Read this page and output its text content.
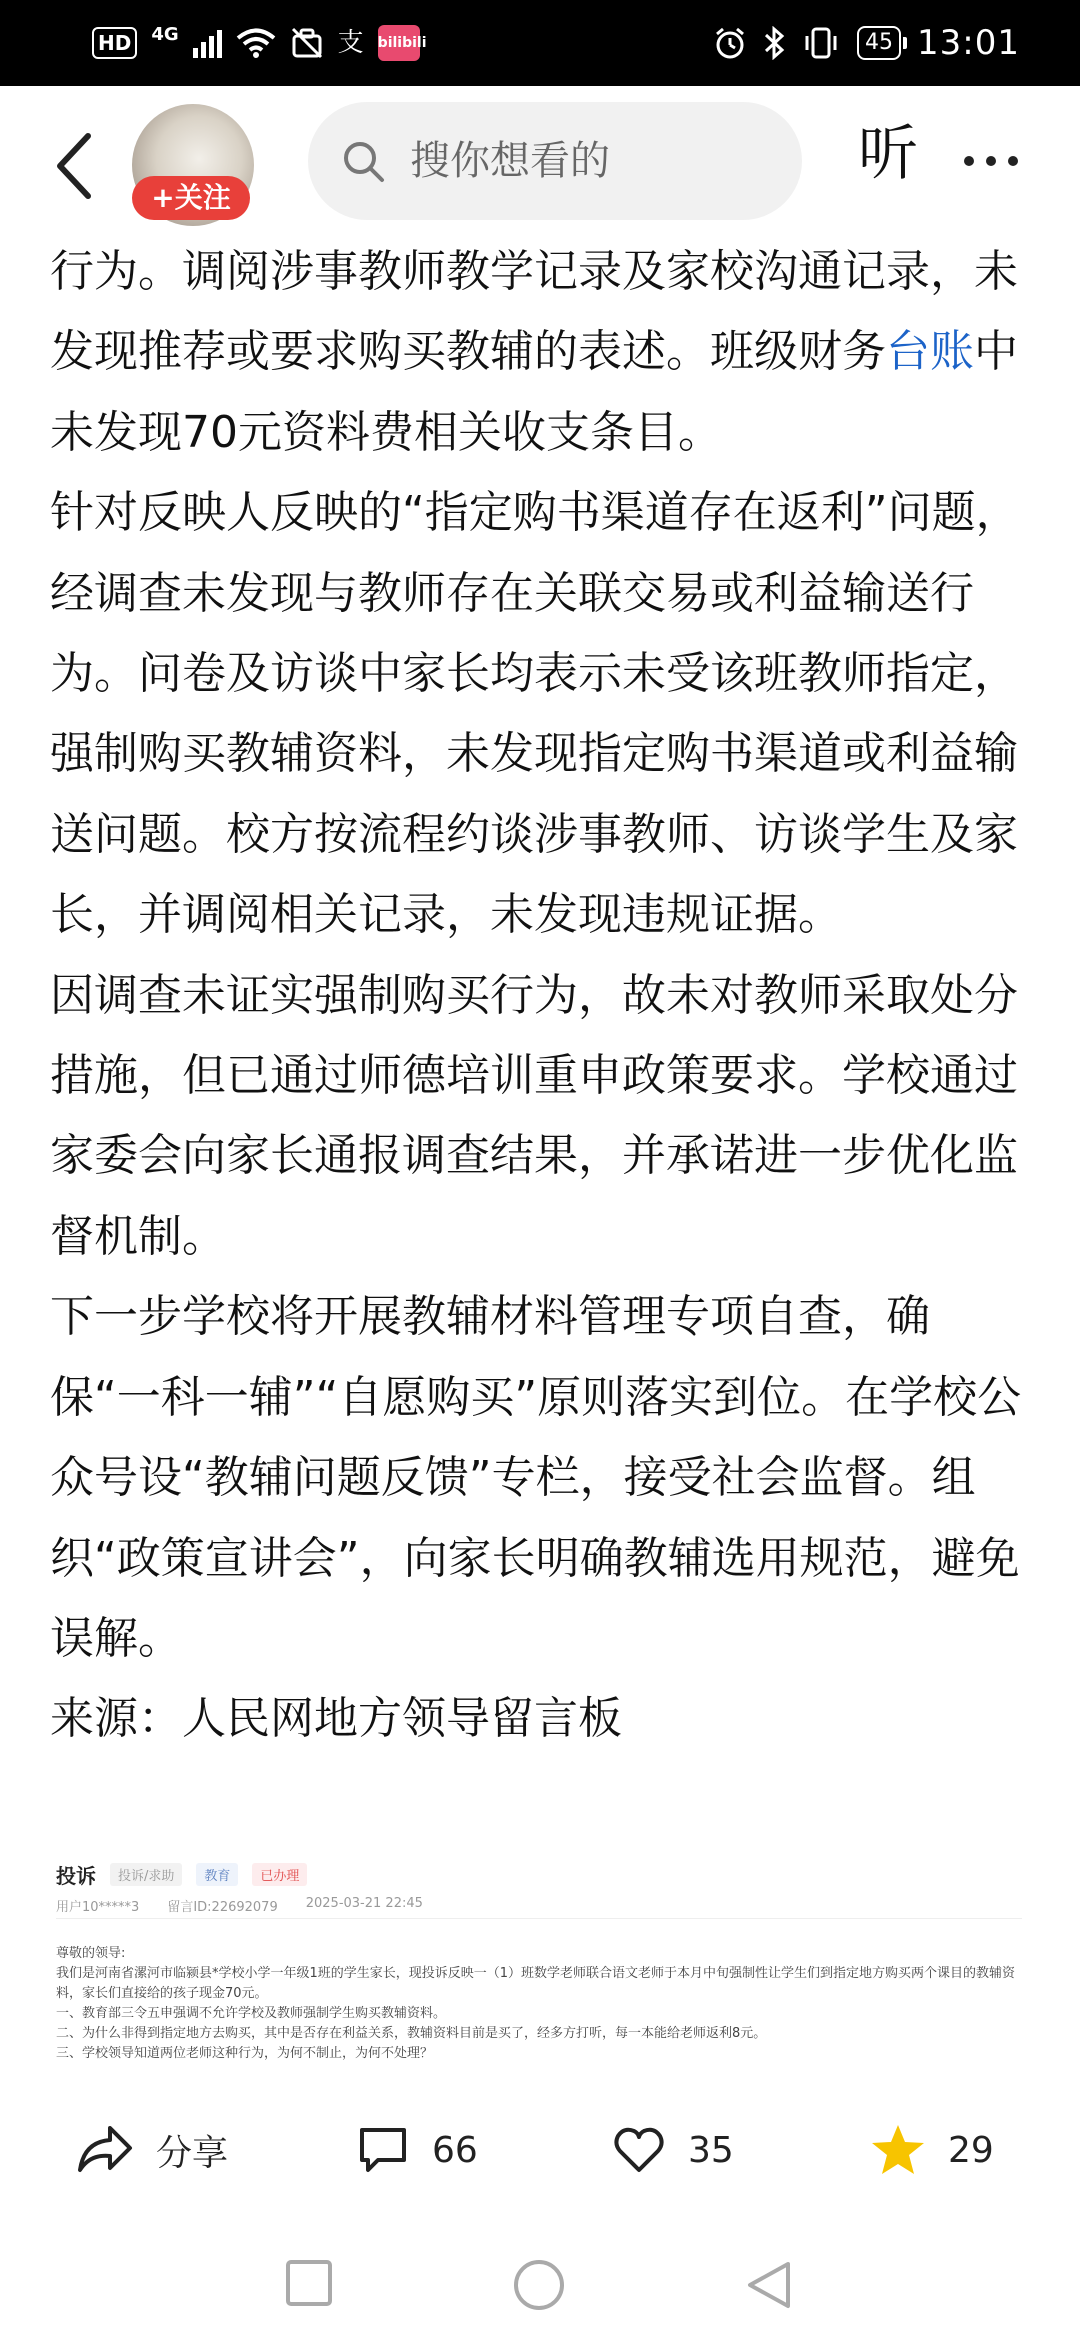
HD	4G	支 bilibili	45 13:01
+关注
搜你想看的	听

行为。调阅涉事教师教学记录及家校沟通记录，未发现推荐或要求购买教辅的表述。班级财务台账中未发现70元资料费相关收支条目。

针对反映人反映的“指定购书渠道存在返利”问题，经调查未发现与教师存在关联交易或利益输送行为。问卷及访谈中家长均表示未受该班教师指定，强制购买教辅资料，未发现指定购书渠道或利益输送问题。校方按流程约谈涉事教师、访谈学生及家长，并调阅相关记录，未发现违规证据。

因调查未证实强制购买行为，故未对教师采取处分措施，但已通过师德培训重申政策要求。学校通过家委会向家长通报调查结果，并承诺进一步优化监督机制。

下一步学校将开展教辅材料管理专项自查，确保“一科一辅”“自愿购买”原则落实到位。在学校公众号设“教辅问题反馈”专栏，接受社会监督。组织“政策宣讲会”，向家长明确教辅选用规范，避免误解。

来源：人民网地方领导留言板

投诉	投诉/求助	教育	已办理
用户10*****3 留言ID:22692079 2025-03-21 22:45

尊敬的领导:

我们是河南省漯河市临颍县*学校小学一年级1班的学生家长，现投诉反映一（1）班数学老师联合语文老师于本月中旬强制性让学生们到指定地方购买两个课目的教辅资料，家长们直接给的孩子现金70元。

一、教育部三令五申强调不允许学校及教师强制学生购买教辅资料。

二、为什么非得到指定地方去购买，其中是否存在利益关系，教辅资料目前是买了，经多方打听，每一本能给老师返利8元。

三、学校领导知道两位老师这种行为，为何不制止，为何不处理？

分享	66	35	29
